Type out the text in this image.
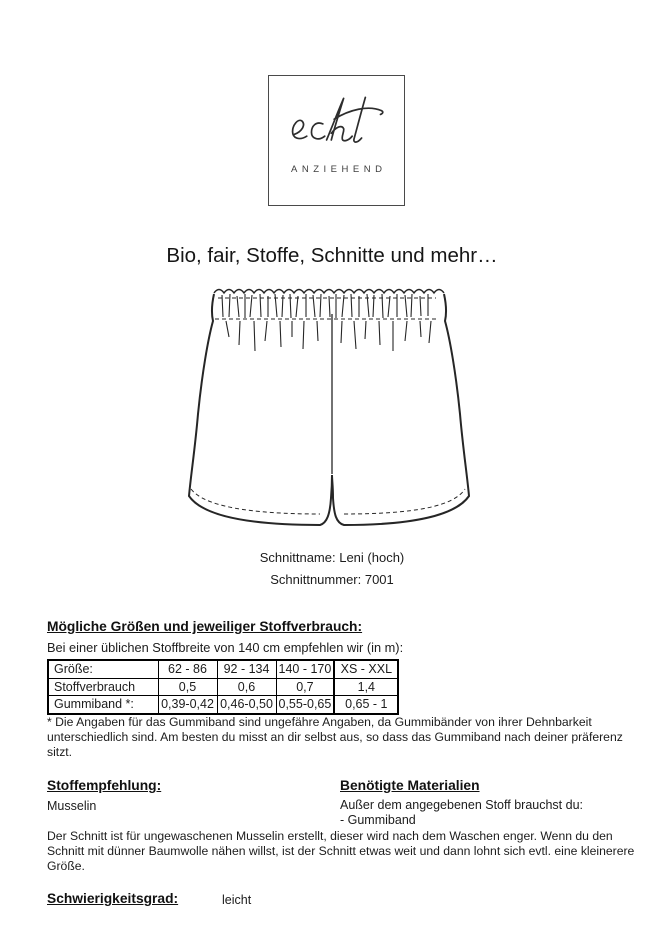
ANZIEHEND
Bio, fair, Stoffe, Schnitte und mehr…
Schnittname: Leni (hoch)
Schnittnummer: 7001
Mögliche Größen und jeweiliger Stoffverbrauch:
Bei einer üblichen Stoffbreite von 140 cm empfehlen wir (in m):
Größe:	62 - 86	92 - 134	140 - 170	XS - XXL
Stoffverbrauch	0,5	0,6	0,7	1,4
Gummiband *:	0,39-0,42	0,46-0,50	0,55-0,65	0,65 - 1
* Die Angaben für das Gummiband sind ungefähre Angaben, da Gummibänder von ihrer Dehnbarkeit unterschiedlich sind. Am besten du misst an dir selbst aus, so dass das Gummiband nach deiner präferenz sitzt.
Stoffempfehlung:
Musselin
Benötigte Materialien
Außer dem angegebenen Stoff brauchst du:
- Gummiband
Der Schnitt ist für ungewaschenen Musselin erstellt, dieser wird nach dem Waschen enger. Wenn du den Schnitt mit dünner Baumwolle nähen willst, ist der Schnitt etwas weit und dann lohnt sich evtl. eine kleinerere Größe.
Schwierigkeitsgrad:	leicht
